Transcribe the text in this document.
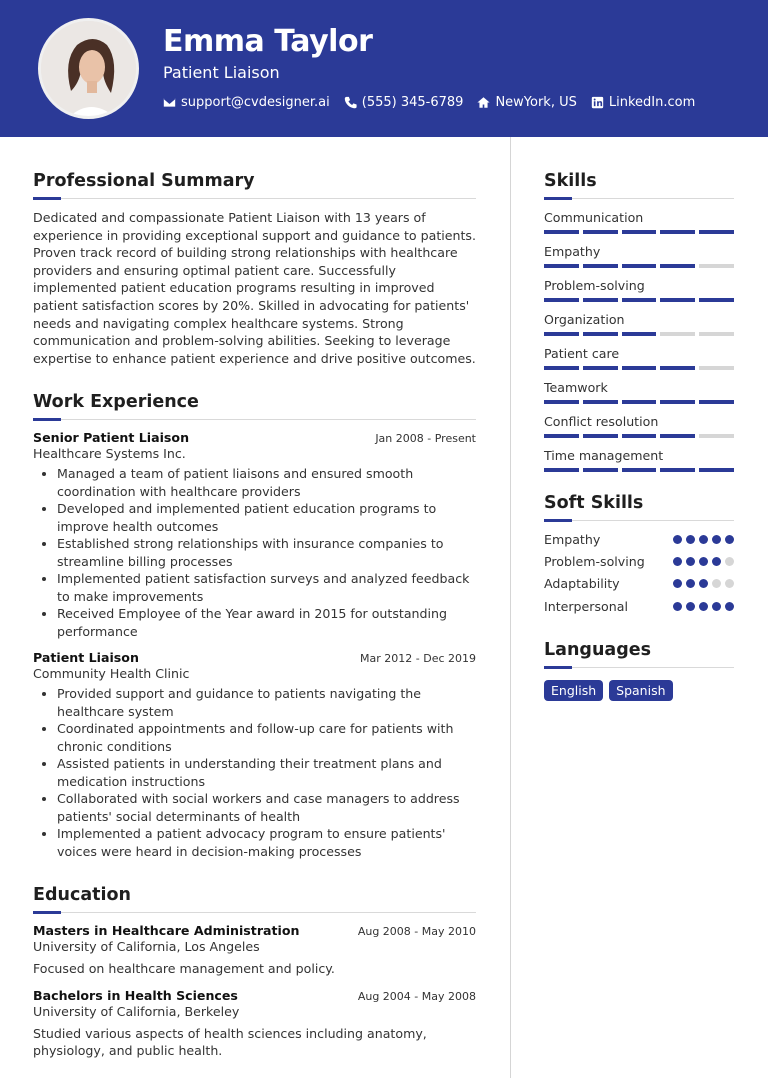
Emma Taylor
Patient Liaison
support@cvdesigner.ai (555) 345-6789 NewYork, US LinkedIn.com
Professional Summary
Dedicated and compassionate Patient Liaison with 13 years of experience in providing exceptional support and guidance to patients. Proven track record of building strong relationships with healthcare providers and ensuring optimal patient care. Successfully implemented patient education programs resulting in improved patient satisfaction scores by 20%. Skilled in advocating for patients' needs and navigating complex healthcare systems. Strong communication and problem-solving abilities. Seeking to leverage expertise to enhance patient experience and drive positive outcomes.
Work Experience
Senior Patient Liaison	Jan 2008 - Present
Healthcare Systems Inc.
• Managed a team of patient liaisons and ensured smooth coordination with healthcare providers
• Developed and implemented patient education programs to improve health outcomes
• Established strong relationships with insurance companies to streamline billing processes
• Implemented patient satisfaction surveys and analyzed feedback to make improvements
• Received Employee of the Year award in 2015 for outstanding performance
Patient Liaison	Mar 2012 - Dec 2019
Community Health Clinic
• Provided support and guidance to patients navigating the healthcare system
• Coordinated appointments and follow-up care for patients with chronic conditions
• Assisted patients in understanding their treatment plans and medication instructions
• Collaborated with social workers and case managers to address patients' social determinants of health
• Implemented a patient advocacy program to ensure patients' voices were heard in decision-making processes
Education
Masters in Healthcare Administration	Aug 2008 - May 2010
University of California, Los Angeles
Focused on healthcare management and policy.
Bachelors in Health Sciences	Aug 2004 - May 2008
University of California, Berkeley
Studied various aspects of health sciences including anatomy, physiology, and public health.
Skills
Communication
Empathy
Problem-solving
Organization
Patient care
Teamwork
Conflict resolution
Time management
Soft Skills
Empathy
Problem-solving
Adaptability
Interpersonal
Languages
English	Spanish
